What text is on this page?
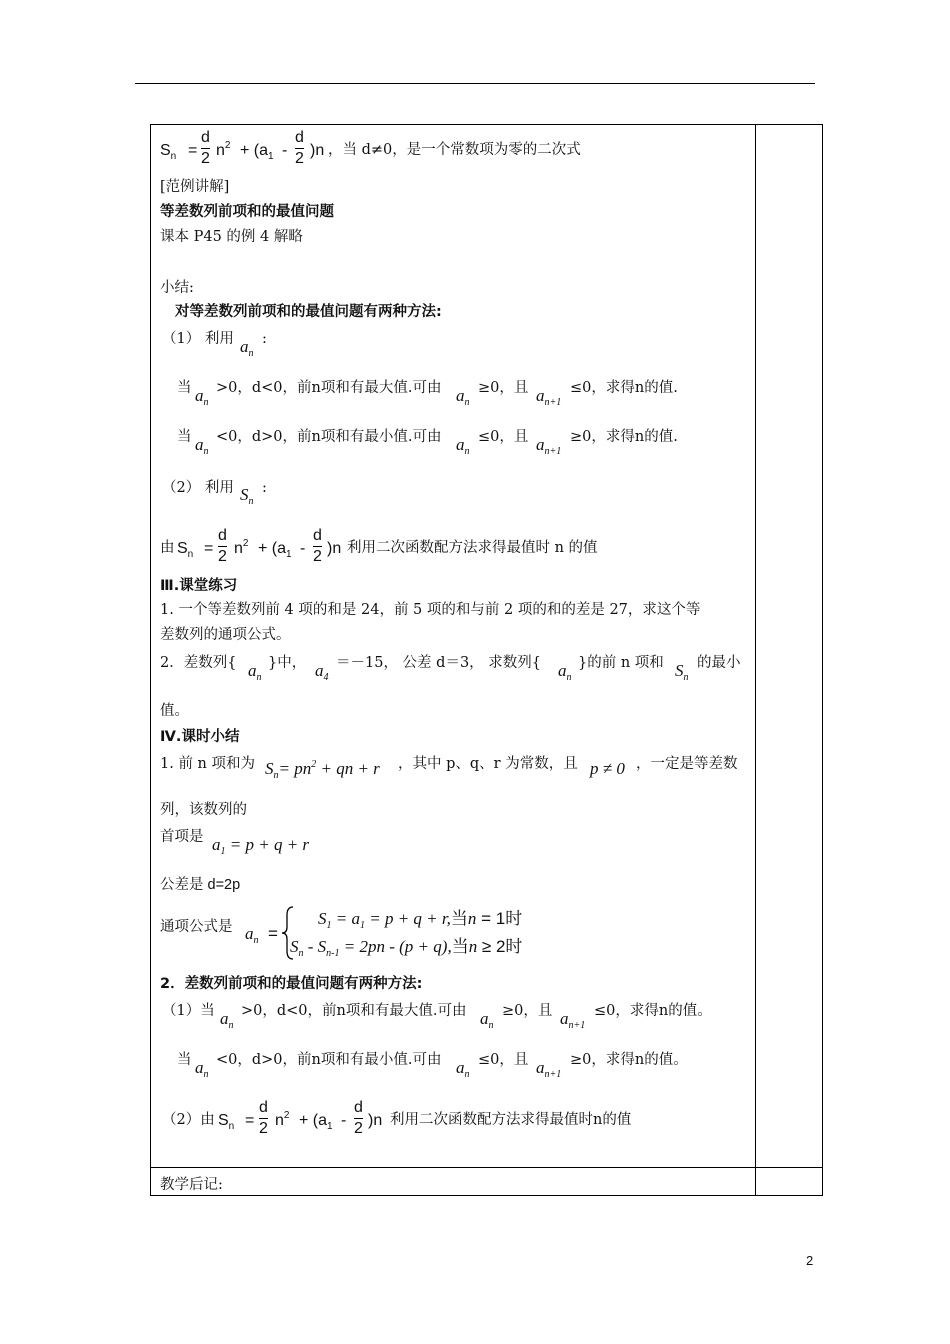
$S_n$ =
d
2 $n^2 + (a_1$ -
d
2 )n ，当 d≠0，是一个常数项为零的二次式
[范例讲解]
等差数列前项和的最值问题
课本 P45 的例 4 解略
小结:
对等差数列前项和的最值问题有两种方法:
（1） 利用 $a_n$
:
当 $a_n$
>0，d<0，前n项和有最大值.可由 $a_n$
≥0，且 $a_{n+1}$
≤0，求得n的值.
当 $a_n$
<0，d>0，前n项和有最小值.可由 $a_n$
≤0，且 $a_{n+1}$
≥0，求得n的值.
（2） 利用 $S_n$
:
由 $S_n$ =
d
2 $n^2 + (a_1$ -
d
2 )n 利用二次函数配方法求得最值时 n 的值
Ⅲ.课堂练习
1. 一个等差数列前 4 项的和是 24，前 5 项的和与前 2 项的和的差是 27，求这个等
差数列的通项公式。
2．差数列{ $a_n$
}中， $a_4$
＝－15， 公差 d＝3， 求数列{ $a_n$
}的前 n 项和 $S_n$
的最小
值。
Ⅳ.课时小结
1. 前 n 项和为 $S_n= pn^2$ + qn + r ，其中 p、q、r 为常数，且 p ≠ 0 ，一定是等差数
列，该数列的
首项是 $a_1 = p + q + r$
公差是 d=2p
通项公式是 $a_n$ =
$S_1 = a_1 = p + q + r$,当n = 1时
$S_n - S_{n-1} = 2pn - (p + q)$,当n ≥ 2时
2．差数列前项和的最值问题有两种方法:
（1）当 $a_n$
>0，d<0，前n项和有最大值.可由 $a_n$
≥0，且 $a_{n+1}$
≤0，求得n的值。
当 $a_n$
<0，d>0，前n项和有最小值.可由 $a_n$
≤0，且 $a_{n+1}$
≥0，求得n的值。
（2）由 $S_n$ =
d
2 $n^2 + (a_1$ -
d
2 )n 利用二次函数配方法求得最值时n的值
教学后记:
2
